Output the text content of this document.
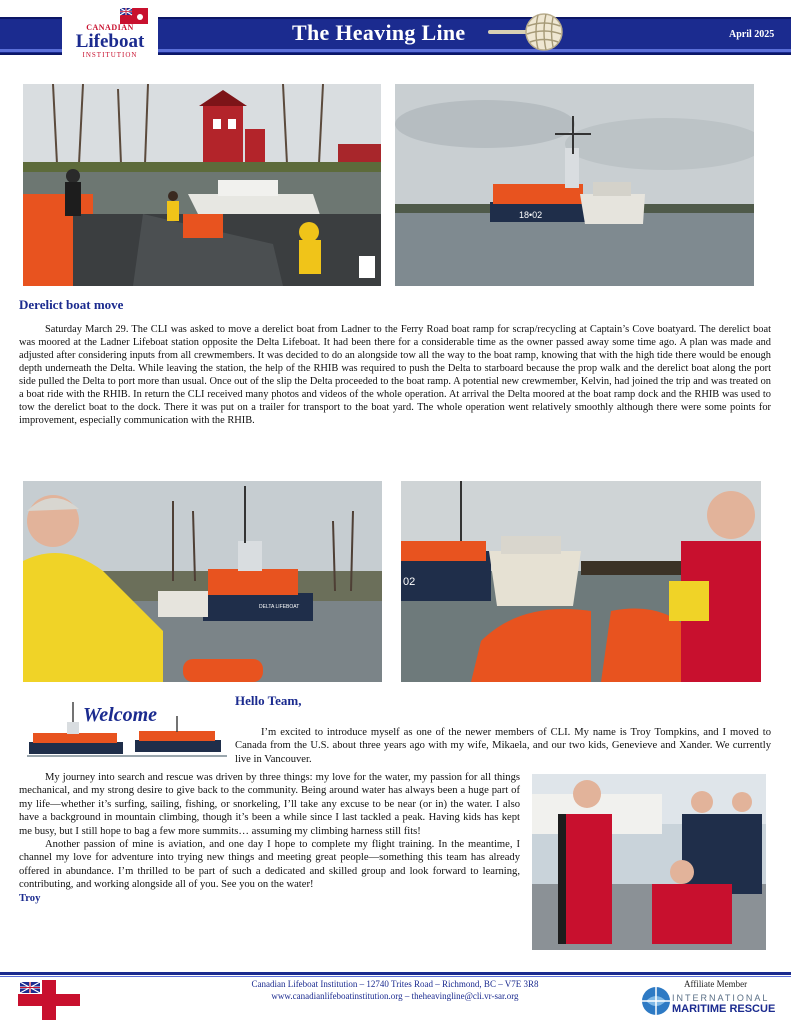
CANADIAN
Lifeboat
INSTITUTION
The Heaving Line	April 2025
18•02
Derelict boat move

Saturday March 29. The CLI was asked to move a derelict boat from Ladner to the Ferry Road boat ramp for scrap/recycling at Captain’s Cove boatyard. The derelict boat was moored at the Ladner Lifeboat station opposite the Delta Lifeboat. It had been there for a considerable time as the owner passed away some time ago. A plan was made and adjusted after considering inputs from all crewmembers. It was decided to do an alongside tow all the way to the boat ramp, knowing that with the high tide there would be enough depth underneath the Delta. While leaving the station, the help of the RHIB was required to push the Delta to starboard because the prop walk and the derelict boat along the port side pulled the Delta to port more than usual. Once out of the slip the Delta proceeded to the boat ramp. A potential new crewmember, Kelvin, had joined the trip and was treated on a boat ride with the RHIB. In return the CLI received many photos and videos of the whole operation. At arrival the Delta moored at the boat ramp dock and the RHIB was used to tow the derelict boat to the dock. There it was put on a trailer for transport to the boat yard. The whole operation went relatively smoothly although there were some points for improvement, especially communication with the RHIB.

DELTA LIFEBOAT
02
Welcome
Hello Team,

I’m excited to introduce myself as one of the newer members of CLI. My name is Troy Tompkins, and I moved to Canada from the U.S. about three years ago with my wife, Mikaela, and our two kids, Genevieve and Xander. We currently live in Vancouver.

My journey into search and rescue was driven by three things: my love for the water, my passion for all things mechanical, and my strong desire to give back to the community. Being around water has always been a huge part of my life—whether it’s surfing, sailing, fishing, or snorkeling, I’ll take any excuse to be near (or in) the water. I also have a background in mountain climbing, though it’s been a while since I last tackled a peak. Having kids has kept me busy, but I still hope to bag a few more summits… assuming my climbing harness still fits!

Another passion of mine is aviation, and one day I hope to complete my flight training. In the meantime, I channel my love for adventure into trying new things and meeting great people—something this team has already offered in abundance. I’m thrilled to be part of such a dedicated and skilled group and look forward to learning, contributing, and working alongside all of you. See you on the water!

Troy

Canadian Lifeboat Institution – 12740 Trites Road – Richmond, BC – V7E 3R8
www.canadianlifeboatinstitution.org – theheavingline@cli.vr-sar.org
Affiliate Member
INTERNATIONAL
MARITIME RESCUE
